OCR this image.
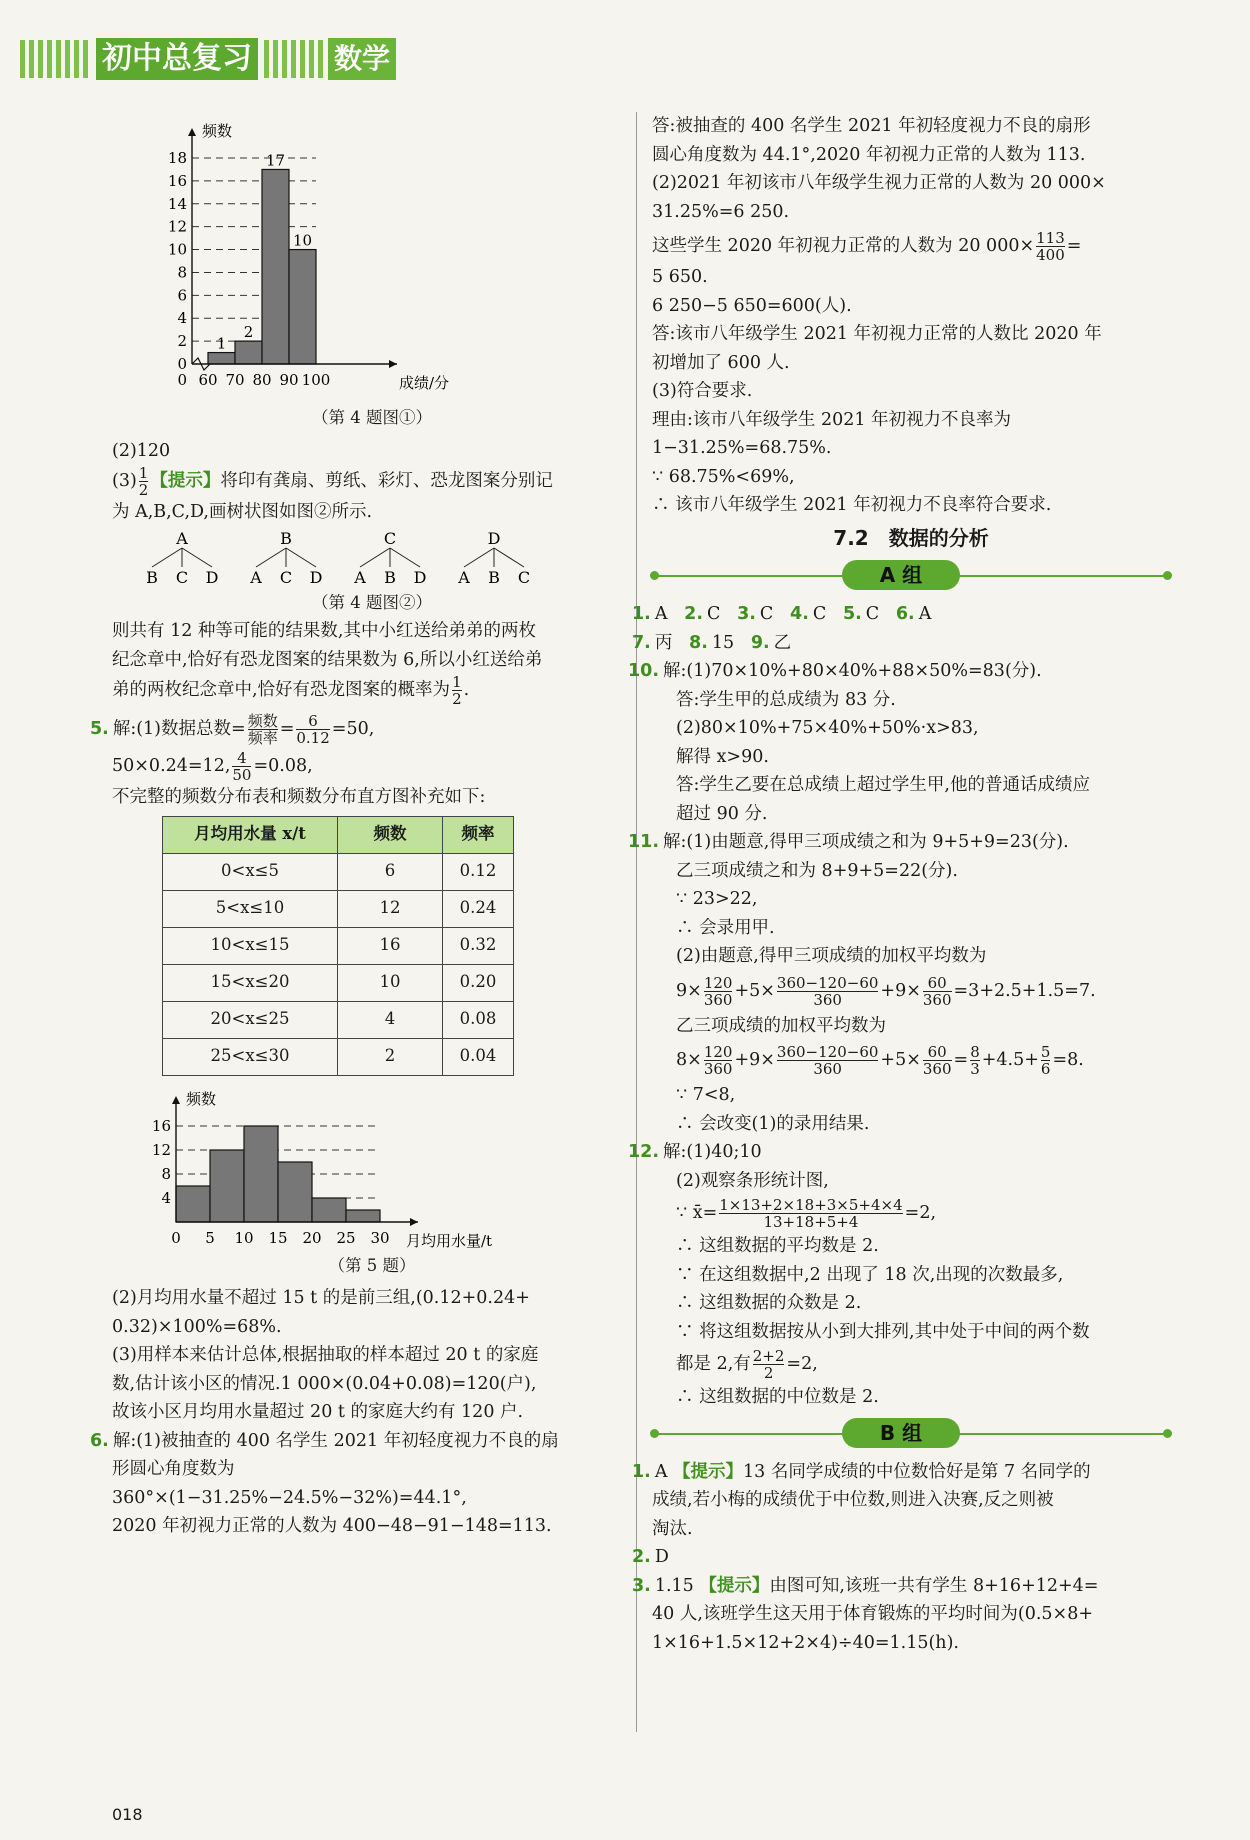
初中总复习	数学
0
2
4
6
8
10
12
14
16
18
1
2
17
10
60 70 80 90 100
0
频数
成绩/分
（第 4 题图①）
(2)120
$(3) \frac{1}{2}$ 【提示】将印有龚扇、剪纸、彩灯、恐龙图案分别记
为 A,B,C,D,画树状图如图②所示.
A
B C D
B
A C D
C
A B D
D
A B C
（第 4 题图②）
则共有 12 种等可能的结果数,其中小红送给弟弟的两枚
纪念章中,恰好有恐龙图案的结果数为 6,所以小红送给弟
弟的两枚纪念章中,恰好有恐龙图案的概率为 $\frac{1}{2}$ .
5. 解:(1)数据总数= $\frac{\text{频数}}{\text{频率}} = \frac{6}{0.12} =50$,
50×0.24=12, $\frac{4}{50} =0.08$,
不完整的频数分布表和频数分布直方图补充如下:
月均用水量 x/t	频数	频率
0<x≤5	6	0.12
5<x≤10	12	0.24
10<x≤15	16	0.32
15<x≤20	10	0.20
20<x≤25	4	0.08
25<x≤30	2	0.04
4
8
12
16
0 5 10 15 20 25 30
频数
月均用水量/t
（第 5 题）
(2)月均用水量不超过 15 t 的是前三组,(0.12+0.24+
0.32)×100%=68%.
(3)用样本来估计总体,根据抽取的样本超过 20 t 的家庭
数,估计该小区的情况.1 000×(0.04+0.08)=120(户),
故该小区月均用水量超过 20 t 的家庭大约有 120 户.
6. 解:(1)被抽查的 400 名学生 2021 年初轻度视力不良的扇
形圆心角度数为
360°×(1−31.25%−24.5%−32%)=44.1°,
2020 年初视力正常的人数为 400−48−91−148=113.
答:被抽查的 400 名学生 2021 年初轻度视力不良的扇形
圆心角度数为 44.1°,2020 年初视力正常的人数为 113.
(2)2021 年初该市八年级学生视力正常的人数为 20 000×
31.25%=6 250.
这些学生 2020 年初视力正常的人数为 20 $000\times \frac{113}{400}$ =
5 650.
6 250−5 650=600(人).
答:该市八年级学生 2021 年初视力正常的人数比 2020 年
初增加了 600 人.
(3)符合要求.
理由:该市八年级学生 2021 年初视力不良率为
1−31.25%=68.75%.
∵ 68.75%<69%,
∴ 该市八年级学生 2021 年初视力不良率符合要求.
7.2　数据的分析
A 组
1. A 2. C 3. C 4. C 5. C 6. A
7. 丙 8. 15 9. 乙
10. 解:(1)70×10%+80×40%+88×50%=83(分).
答:学生甲的总成绩为 83 分.
(2)80×10%+75×40%+50%·x>83,
解得 x>90.
答:学生乙要在总成绩上超过学生甲,他的普通话成绩应
超过 90 分.
11. 解:(1)由题意,得甲三项成绩之和为 9+5+9=23(分).
乙三项成绩之和为 8+9+5=22(分).
∵ 23>22,
∴ 会录用甲.
(2)由题意,得甲三项成绩的加权平均数为
$9\times \frac{120}{360} +5\times \frac{360-120-60}{360} +9\times \frac{60}{360} =3+2.5+1.5=7$.
乙三项成绩的加权平均数为
$8\times \frac{120}{360} +9\times \frac{360-120-60}{360} +5\times \frac{60}{360} = \frac{8}{3} +4.5+ \frac{5}{6} =8$.
∵ 7<8,
∴ 会改变(1)的录用结果.
12. 解:(1)40;10
(2)观察条形统计图,
∵ x̄= $\frac{1\times 13+2\times 18+3\times 5+4\times 4}{13+18+5+4} =2$,
∴ 这组数据的平均数是 2.
∵ 在这组数据中,2 出现了 18 次,出现的次数最多,
∴ 这组数据的众数是 2.
∵ 将这组数据按从小到大排列,其中处于中间的两个数
都是 2,有 $\frac{2+2}{2} =2$,
∴ 这组数据的中位数是 2.
B 组
1. A 【提示】13 名同学成绩的中位数恰好是第 7 名同学的
成绩,若小梅的成绩优于中位数,则进入决赛,反之则被
淘汰.
2. D
3. 1.15 【提示】由图可知,该班一共有学生 8+16+12+4=
40 人,该班学生这天用于体育锻炼的平均时间为(0.5×8+
1×16+1.5×12+2×4)÷40=1.15(h).
018
